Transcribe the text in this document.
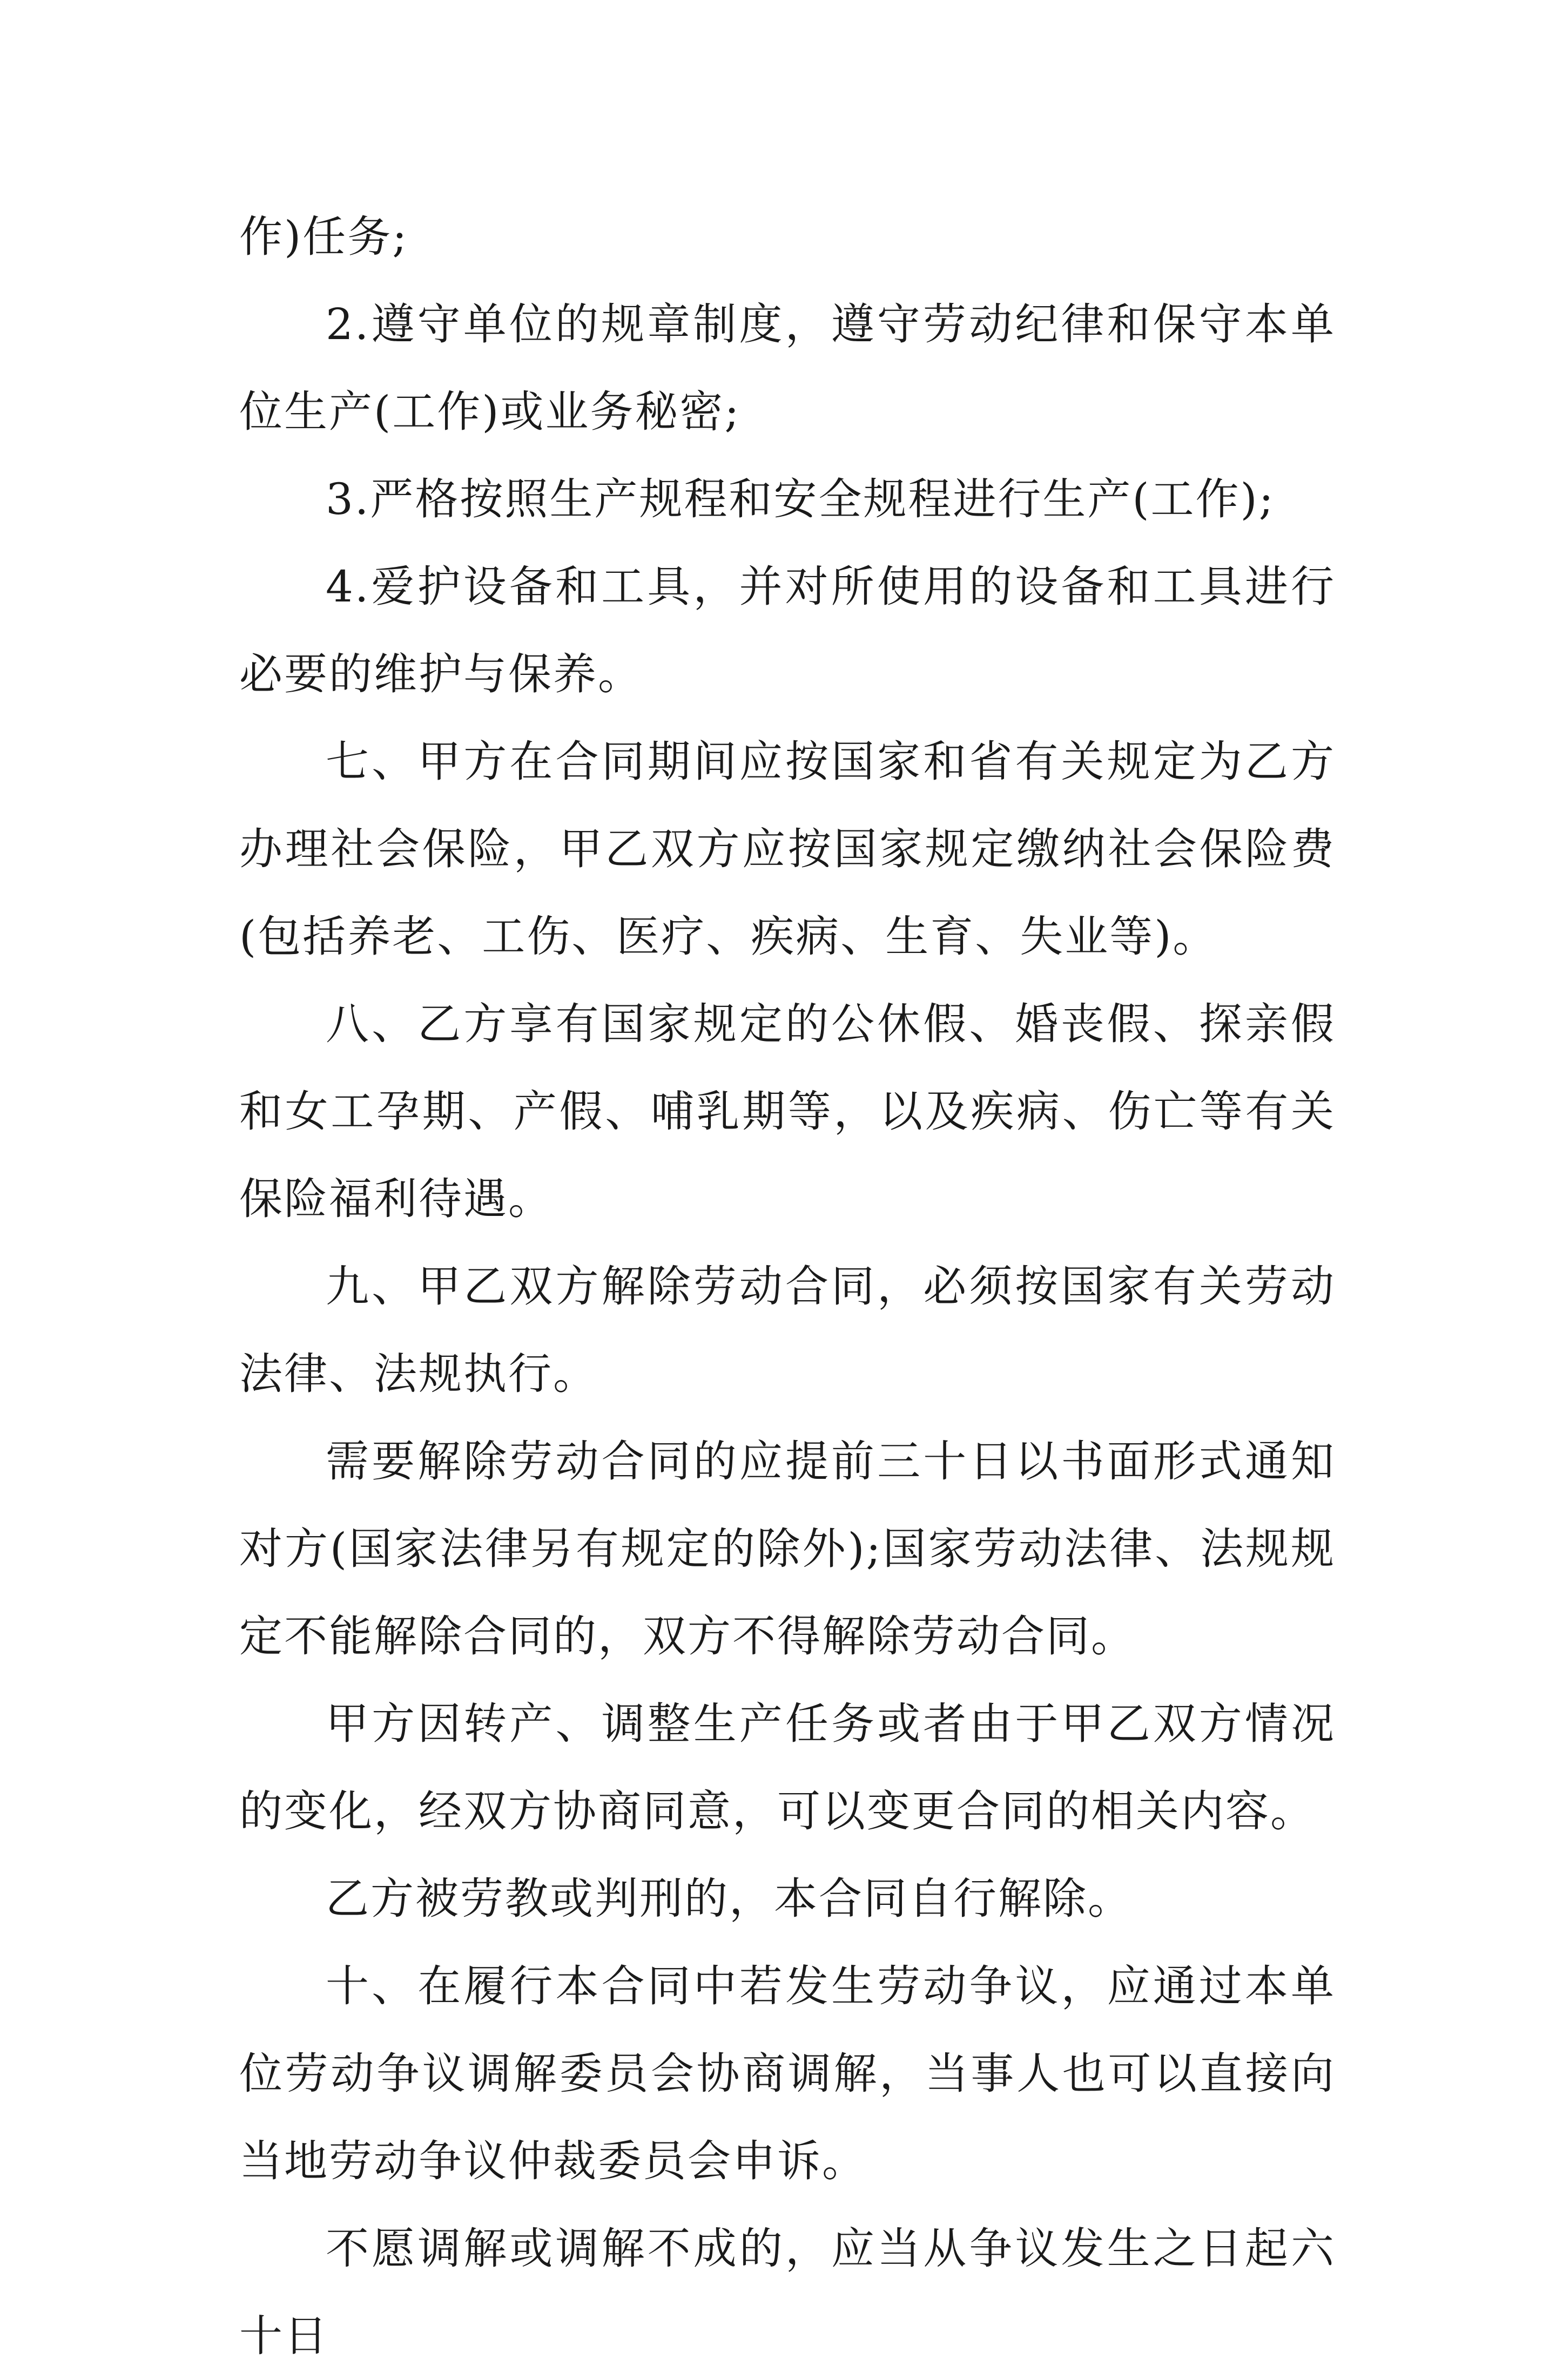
作)任务;

2.遵守单位的规章制度，遵守劳动纪律和保守本单位生产(工作)或业务秘密;

3.严格按照生产规程和安全规程进行生产(工作);

4.爱护设备和工具，并对所使用的设备和工具进行必要的维护与保养。

七、甲方在合同期间应按国家和省有关规定为乙方办理社会保险，甲乙双方应按国家规定缴纳社会保险费(包括养老、工伤、医疗、疾病、生育、失业等)。

八、乙方享有国家规定的公休假、婚丧假、探亲假和女工孕期、产假、哺乳期等，以及疾病、伤亡等有关保险福利待遇。

九、甲乙双方解除劳动合同，必须按国家有关劳动法律、法规执行。

需要解除劳动合同的应提前三十日以书面形式通知对方(国家法律另有规定的除外);国家劳动法律、法规规定不能解除合同的，双方不得解除劳动合同。

甲方因转产、调整生产任务或者由于甲乙双方情况的变化，经双方协商同意，可以变更合同的相关内容。

乙方被劳教或判刑的，本合同自行解除。

十、在履行本合同中若发生劳动争议，应通过本单位劳动争议调解委员会协商调解，当事人也可以直接向当地劳动争议仲裁委员会申诉。

不愿调解或调解不成的，应当从争议发生之日起六十日
